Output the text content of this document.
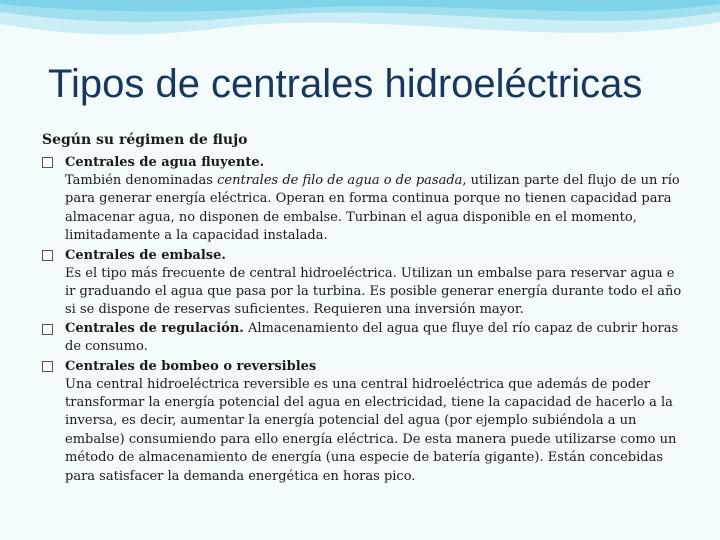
Tipos de centrales hidroeléctricas
Según su régimen de flujo
Centrales de agua fluyente.
También denominadas centrales de filo de agua o de pasada, utilizan parte del flujo de un río para generar energía eléctrica. Operan en forma continua porque no tienen capacidad para almacenar agua, no disponen de embalse. Turbinan el agua disponible en el momento, limitadamente a la capacidad instalada.
Centrales de embalse.
Es el tipo más frecuente de central hidroeléctrica. Utilizan un embalse para reservar agua e ir graduando el agua que pasa por la turbina. Es posible generar energía durante todo el año si se dispone de reservas suficientes. Requieren una inversión mayor.
Centrales de regulación. Almacenamiento del agua que fluye del río capaz de cubrir horas de consumo.
Centrales de bombeo o reversibles
Una central hidroeléctrica reversible es una central hidroeléctrica que además de poder transformar la energía potencial del agua en electricidad, tiene la capacidad de hacerlo a la inversa, es decir, aumentar la energía potencial del agua (por ejemplo subiéndola a un embalse) consumiendo para ello energía eléctrica. De esta manera puede utilizarse como un método de almacenamiento de energía (una especie de batería gigante). Están concebidas para satisfacer la demanda energética en horas pico.
